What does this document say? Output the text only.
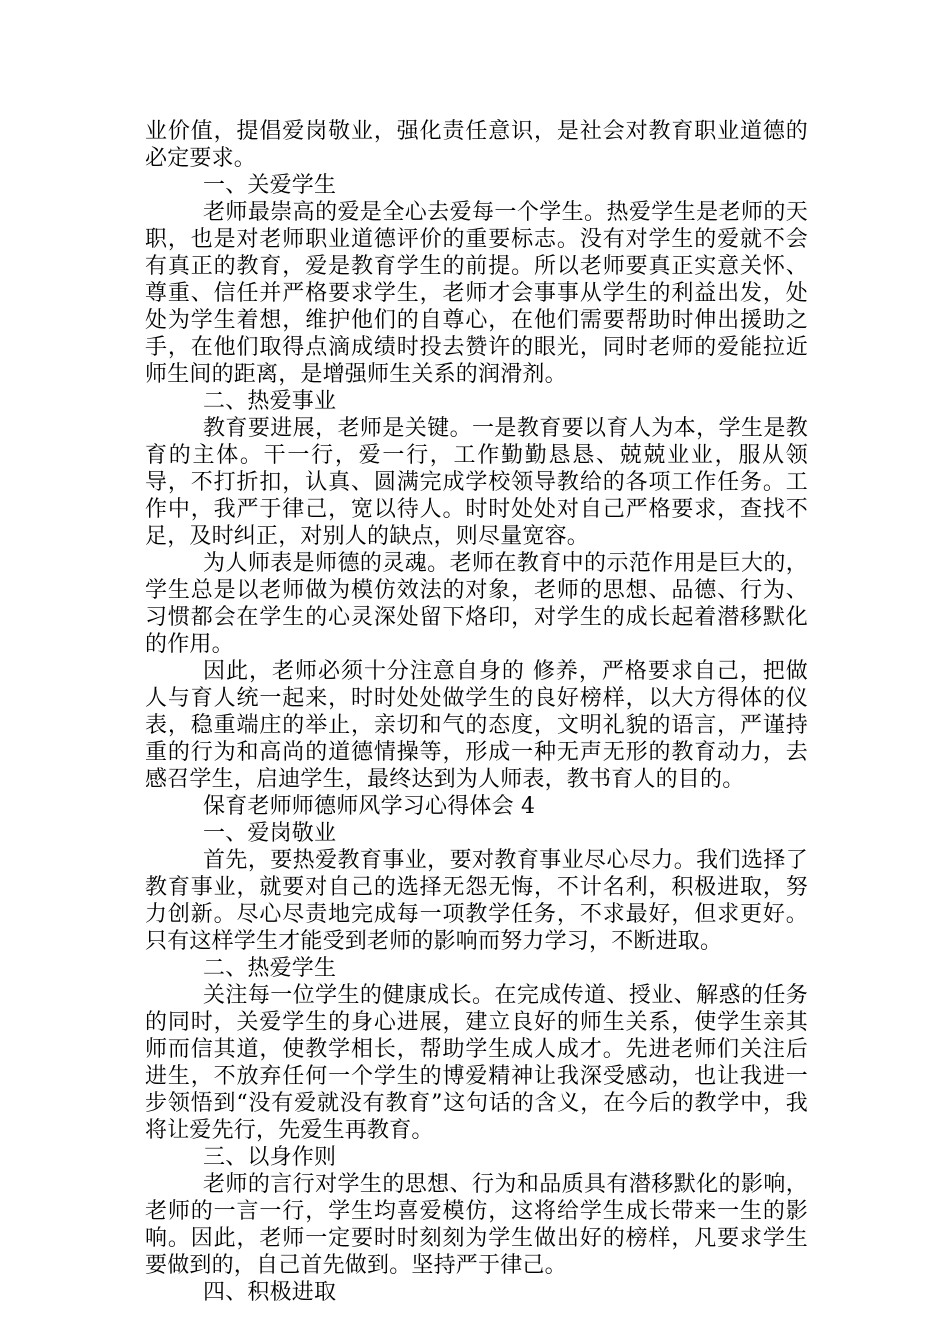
业价值，提倡爱岗敬业，强化责任意识，是社会对教育职业道德的必定要求。

一、关爱学生

老师最崇高的爱是全心去爱每一个学生。热爱学生是老师的天职，也是对老师职业道德评价的重要标志。没有对学生的爱就不会有真正的教育，爱是教育学生的前提。所以老师要真正实意关怀、尊重、信任并严格要求学生，老师才会事事从学生的利益出发，处处为学生着想，维护他们的自尊心，在他们需要帮助时伸出援助之手，在他们取得点滴成绩时投去赞许的眼光，同时老师的爱能拉近师生间的距离，是增强师生关系的润滑剂。

二、热爱事业

教育要进展，老师是关键。一是教育要以育人为本，学生是教育的主体。干一行，爱一行，工作勤勤恳恳、兢兢业业，服从领导，不打折扣，认真、圆满完成学校领导教给的各项工作任务。工作中，我严于律己，宽以待人。时时处处对自己严格要求，查找不足，及时纠正，对别人的缺点，则尽量宽容。

为人师表是师德的灵魂。老师在教育中的示范作用是巨大的，学生总是以老师做为模仿效法的对象，老师的思想、品德、行为、习惯都会在学生的心灵深处留下烙印，对学生的成长起着潜移默化的作用。

因此，老师必须十分注意自身的 修养，严格要求自己，把做人与育人统一起来，时时处处做学生的良好榜样，以大方得体的仪表，稳重端庄的举止，亲切和气的态度，文明礼貌的语言，严谨持重的行为和高尚的道德情操等，形成一种无声无形的教育动力，去感召学生，启迪学生，最终达到为人师表，教书育人的目的。

保育老师师德师风学习心得体会 4

一、爱岗敬业

首先，要热爱教育事业，要对教育事业尽心尽力。我们选择了教育事业，就要对自己的选择无怨无悔，不计名利，积极进取，努力创新。尽心尽责地完成每一项教学任务，不求最好，但求更好。只有这样学生才能受到老师的影响而努力学习，不断进取。

二、热爱学生

关注每一位学生的健康成长。在完成传道、授业、解惑的任务的同时，关爱学生的身心进展，建立良好的师生关系，使学生亲其师而信其道，使教学相长，帮助学生成人成才。先进老师们关注后进生，不放弃任何一个学生的博爱精神让我深受感动，也让我进一步领悟到“没有爱就没有教育”这句话的含义，在今后的教学中，我将让爱先行，先爱生再教育。

三、以身作则

老师的言行对学生的思想、行为和品质具有潜移默化的影响，老师的一言一行，学生均喜爱模仿，这将给学生成长带来一生的影响。因此，老师一定要时时刻刻为学生做出好的榜样，凡要求学生要做到的，自己首先做到。坚持严于律己。

四、积极进取
